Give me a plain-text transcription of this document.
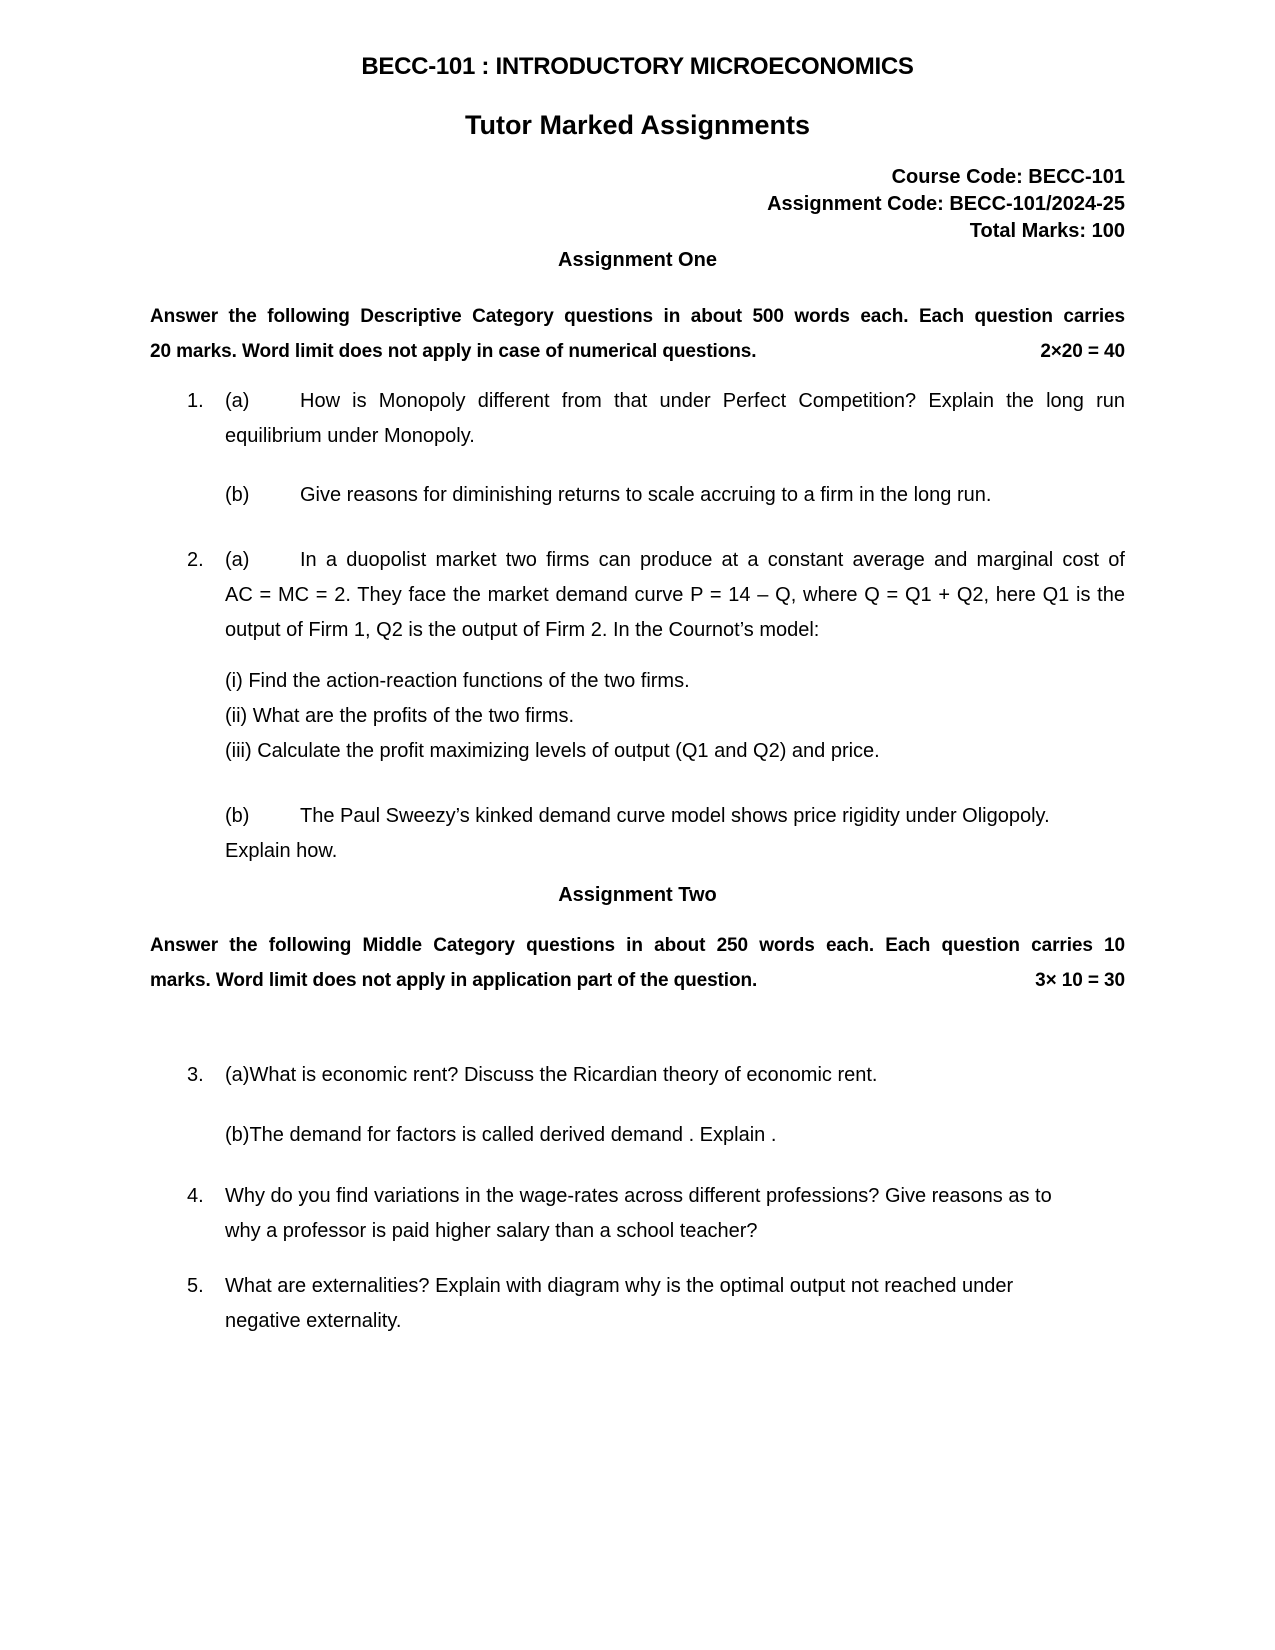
BECC-101 : INTRODUCTORY MICROECONOMICS
Tutor Marked Assignments
Course Code: BECC-101
Assignment Code: BECC-101/2024-25
Total Marks: 100
Assignment One
Answer the following Descriptive Category questions in about 500 words each. Each question carries
20 marks. Word limit does not apply in case of numerical questions.	2×20 = 40
1. (a)	How is Monopoly different from that under Perfect Competition? Explain the long run
equilibrium under Monopoly.
(b)	Give reasons for diminishing returns to scale accruing to a firm in the long run.
2. (a)	In a duopolist market two firms can produce at a constant average and marginal cost of
AC = MC = 2. They face the market demand curve P = 14 – Q, where Q = Q1 + Q2, here Q1 is the
output of Firm 1, Q2 is the output of Firm 2. In the Cournot’s model:
(i) Find the action-reaction functions of the two firms.
(ii) What are the profits of the two firms.
(iii) Calculate the profit maximizing levels of output (Q1 and Q2) and price.
(b)	The Paul Sweezy’s kinked demand curve model shows price rigidity under Oligopoly.
Explain how.
Assignment Two
Answer the following Middle Category questions in about 250 words each. Each question carries 10
marks. Word limit does not apply in application part of the question.	3× 10 = 30
3. (a)What is economic rent? Discuss the Ricardian theory of economic rent.
(b)The demand for factors is called derived demand . Explain .
4. Why do you find variations in the wage-rates across different professions? Give reasons as to
why a professor is paid higher salary than a school teacher?
5. What are externalities? Explain with diagram why is the optimal output not reached under
negative externality.
